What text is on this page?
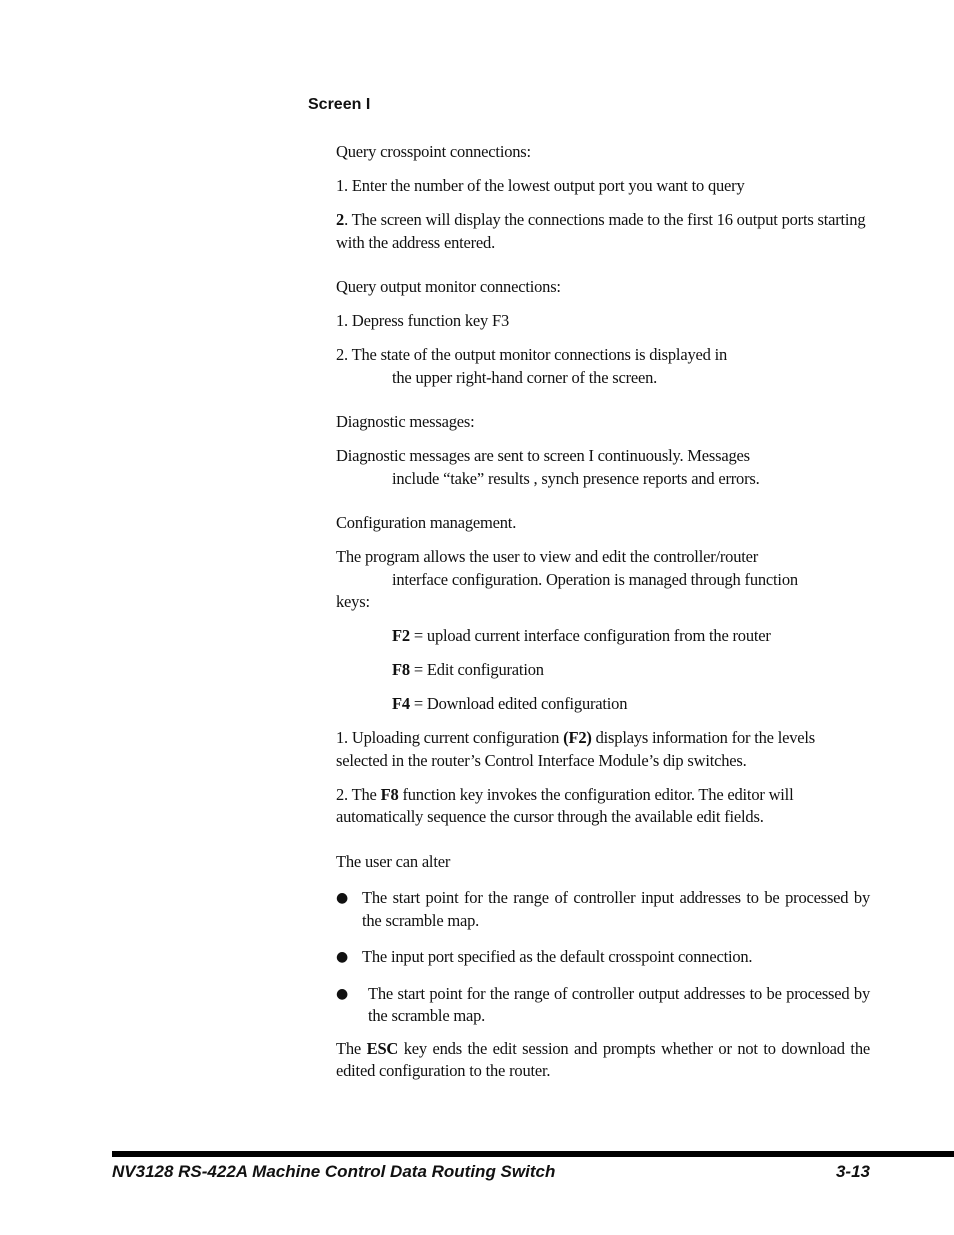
Screen I

Query crosspoint connections:

1. Enter the number of the lowest output port you want to query

2. The screen will display the connections made to the first 16 output ports starting with the address entered.

Query output monitor connections:

1. Depress function key F3

2. The state of the output monitor connections is displayed in
the upper right-hand corner of the screen.

Diagnostic messages:

Diagnostic messages are sent to screen I continuously. Messages
include “take” results , synch presence reports and errors.

Configuration management.

The program allows the user to view and edit the controller/router
interface configuration. Operation is managed through function
keys:

F2 = upload current interface configuration from the router

F8 = Edit configuration

F4 = Download edited configuration

1. Uploading current configuration (F2) displays information for the levels selected in the router’s Control Interface Module’s dip switches.

2. The F8 function key invokes the configuration editor. The editor will automatically sequence the cursor through the available edit fields.

The user can alter

● The start point for the range of controller input addresses to be processed by the scramble map.
● The input port specified as the default crosspoint connection.
● The start point for the range of controller output addresses to be processed by the scramble map.

The ESC key ends the edit session and prompts whether or not to download the edited configuration to the router.

NV3128 RS-422A Machine Control Data Routing Switch	3-13
